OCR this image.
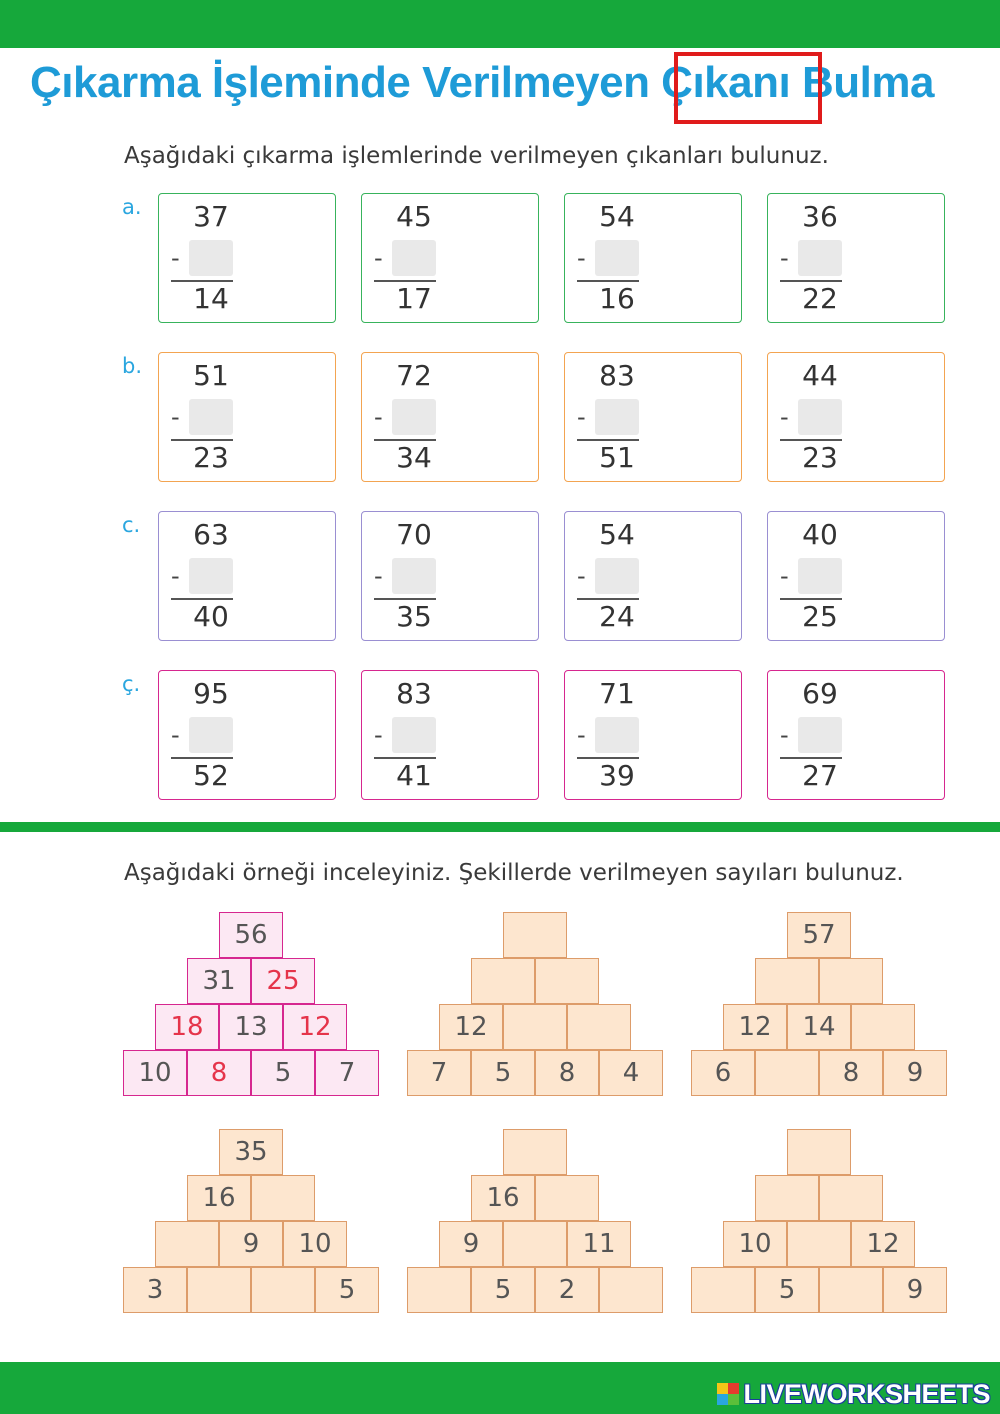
Çıkarma İşleminde Verilmeyen Çıkanı Bulma
Aşağıdaki çıkarma işlemlerinde verilmeyen çıkanları bulunuz.
a. 37
-
14
45
-
17
54
-
16
36
-
22
b. 51
-
23
72
-
34
83
-
51
44
-
23
c. 63
-
40
70
-
35
54
-
24
40
-
25
ç. 95
-
52
83
-
41
71
-
39
69
-
27
Aşağıdaki örneği inceleyiniz. Şekillerde verilmeyen sayıları bulunuz.
56
31	25
18	13	12
10	8	5	7
12
7	5	8	4
57
12	14
6	8	9
35
16
9	10
3	5
16
9	11
5	2
10	12
5	9
LIVEWORKSHEETS
